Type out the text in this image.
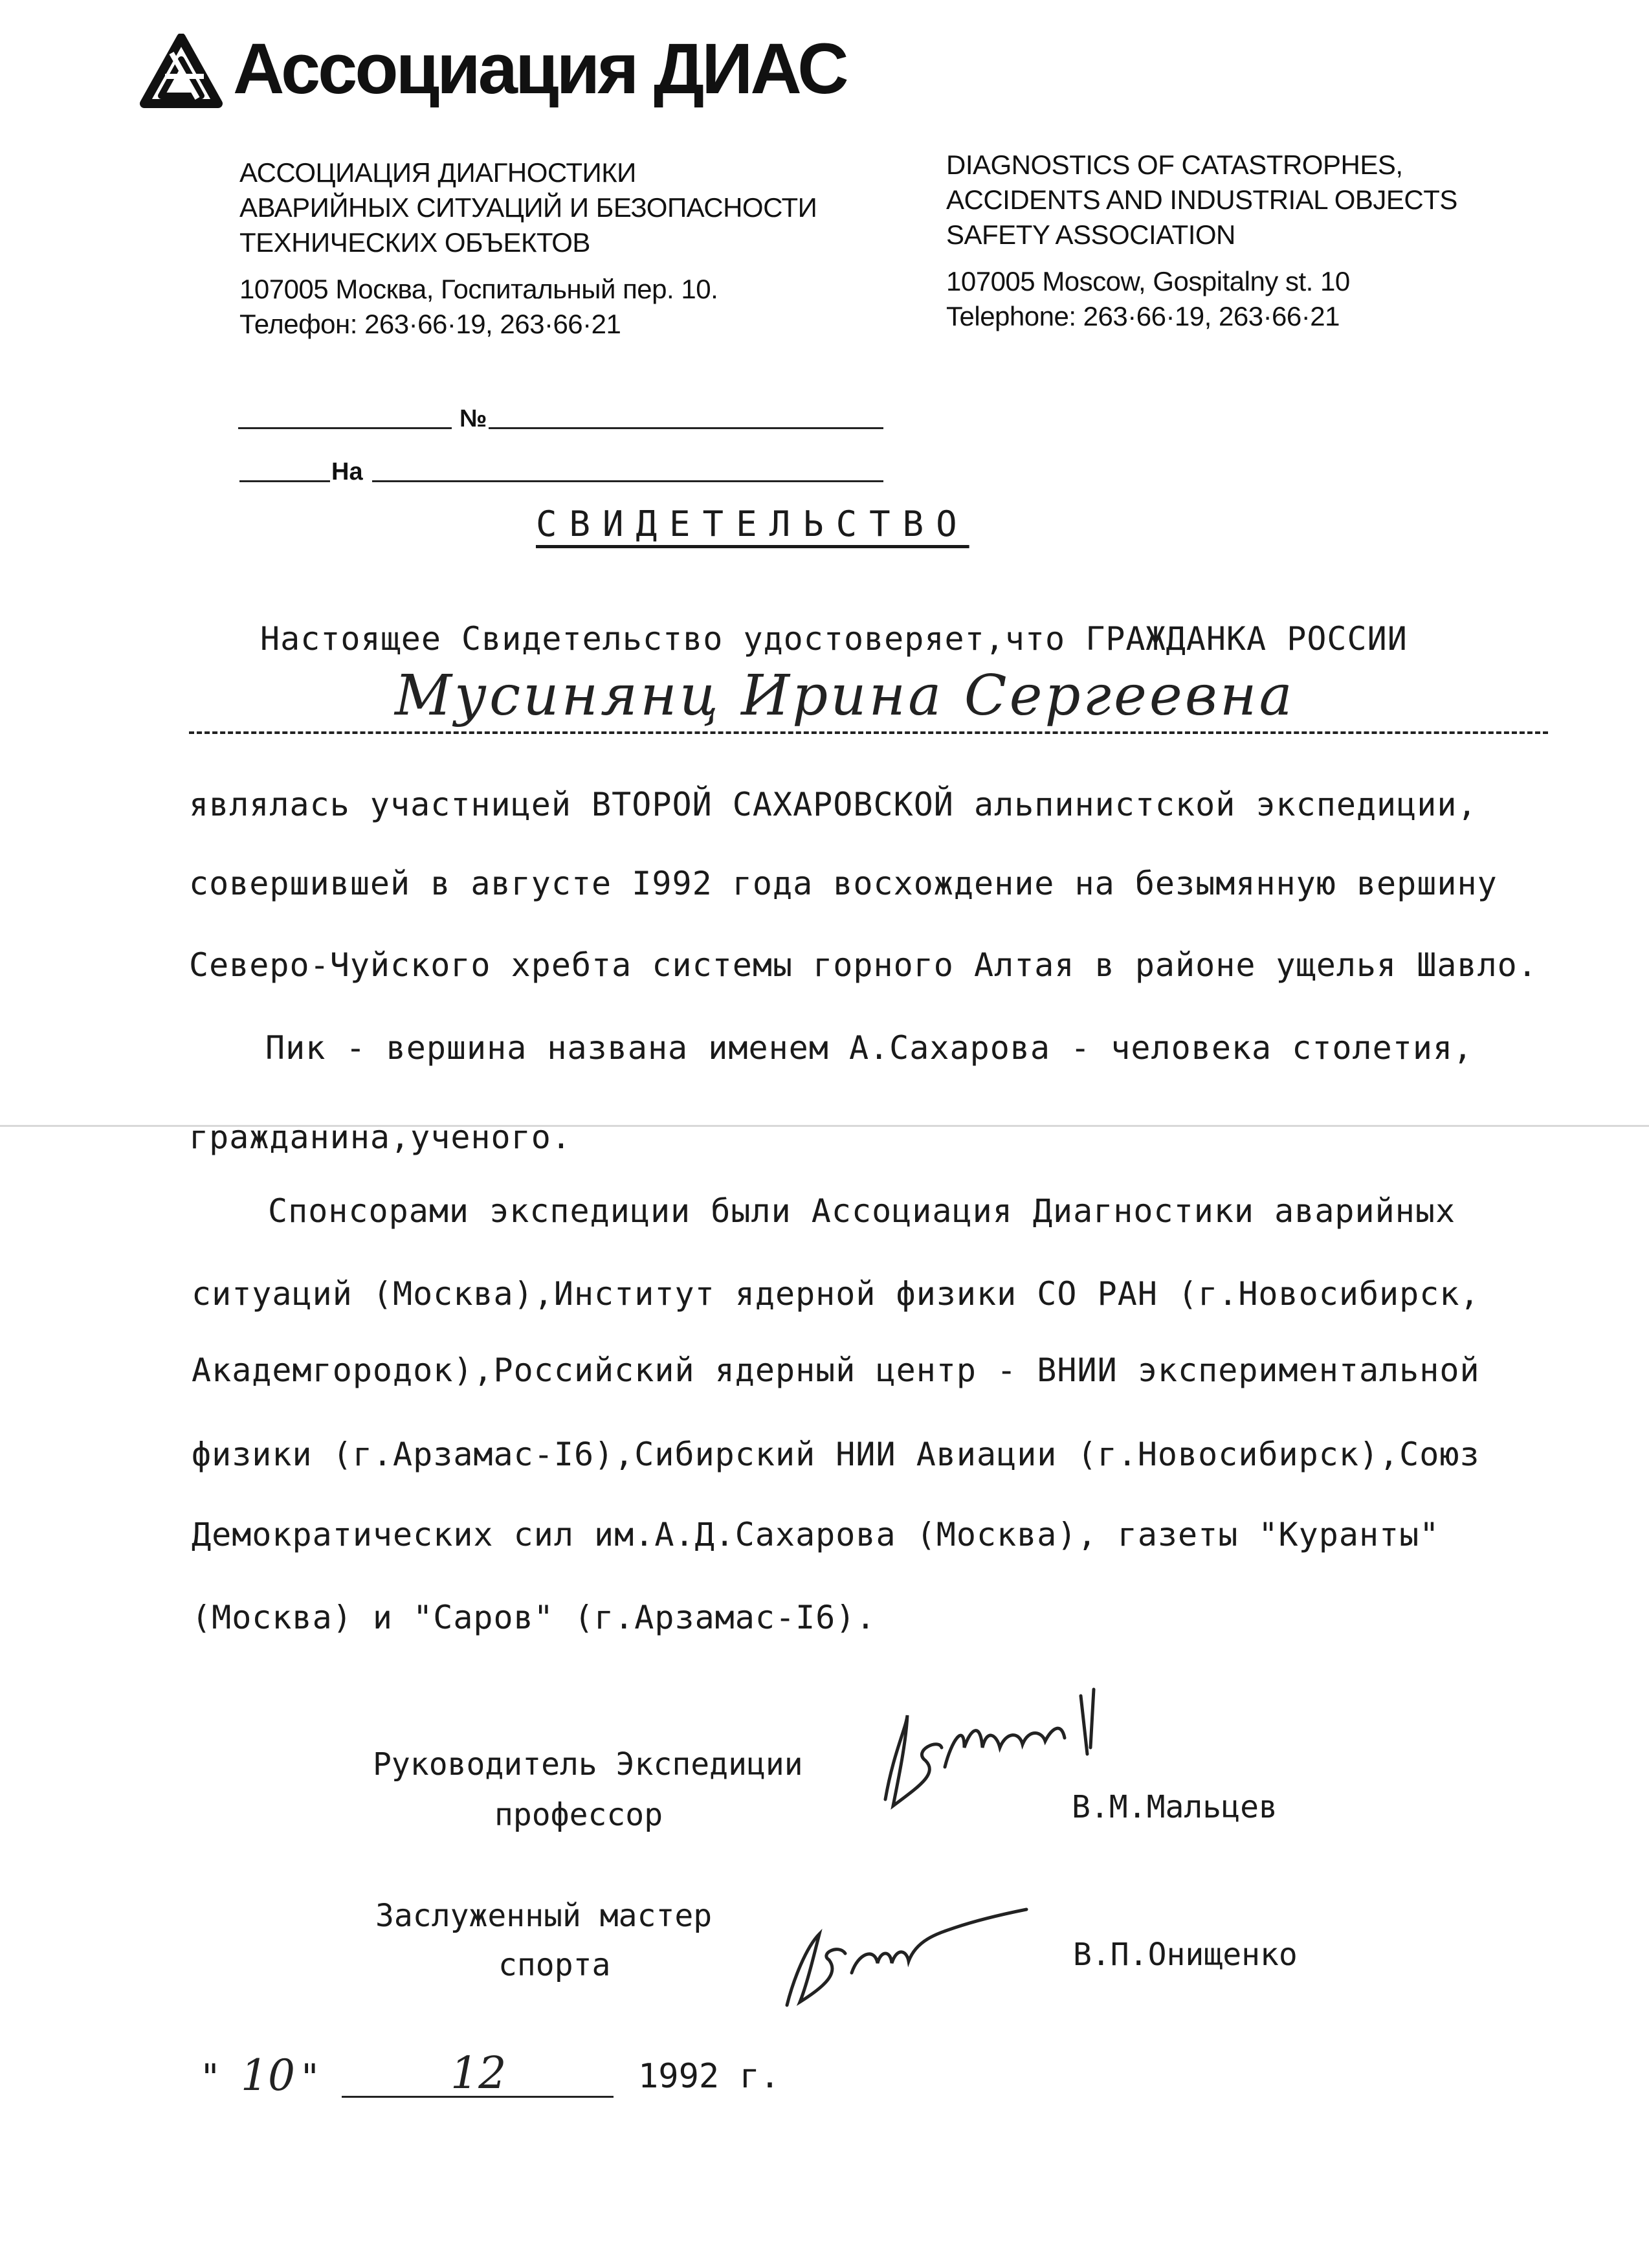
Ассоциация ДИАС
АССОЦИАЦИЯ ДИАГНОСТИКИ
АВАРИЙНЫХ СИТУАЦИЙ И БЕЗОПАСНОСТИ
ТЕХНИЧЕСКИХ ОБЪЕКТОВ
107005 Москва, Госпитальный пер. 10.
Телефон: 263·66·19, 263·66·21
DIAGNOSTICS OF CATASTROPHES,
ACCIDENTS AND INDUSTRIAL OBJECTS
SAFETY ASSOCIATION
107005 Moscow, Gospitalny st. 10
Telephone: 263·66·19, 263·66·21
№
На
СВИДЕТЕЛЬСТВО
Настоящее Свидетельство удостоверяет,что ГРАЖДАНКА РОССИИ
Мусинянц Ирина Сергеевна
являлась участницей ВТОРОЙ САХАРОВСКОЙ альпинистской экспедиции,
совершившей в августе I992 года восхождение на безымянную вершину
Северо-Чуйского хребта системы горного Алтая в районе ущелья Шавло.
Пик - вершина названа именем А.Сахарова - человека столетия,
гражданина,ученого.
Спонсорами экспедиции были Ассоциация Диагностики аварийных
ситуаций (Москва),Институт ядерной физики СО РАН (г.Новосибирск,
Академгородок),Российский ядерный центр - ВНИИ экспериментальной
физики (г.Арзамас-I6),Сибирский НИИ Авиации (г.Новосибирск),Союз
Демократических сил им.А.Д.Сахарова (Москва), газеты "Куранты"
(Москва) и "Саров" (г.Арзамас-I6).
Руководитель Экспедиции
профессор	В.М.Мальцев
Заслуженный мастер
спорта	В.П.Онищенко
" 10 "	12	1992 г.
